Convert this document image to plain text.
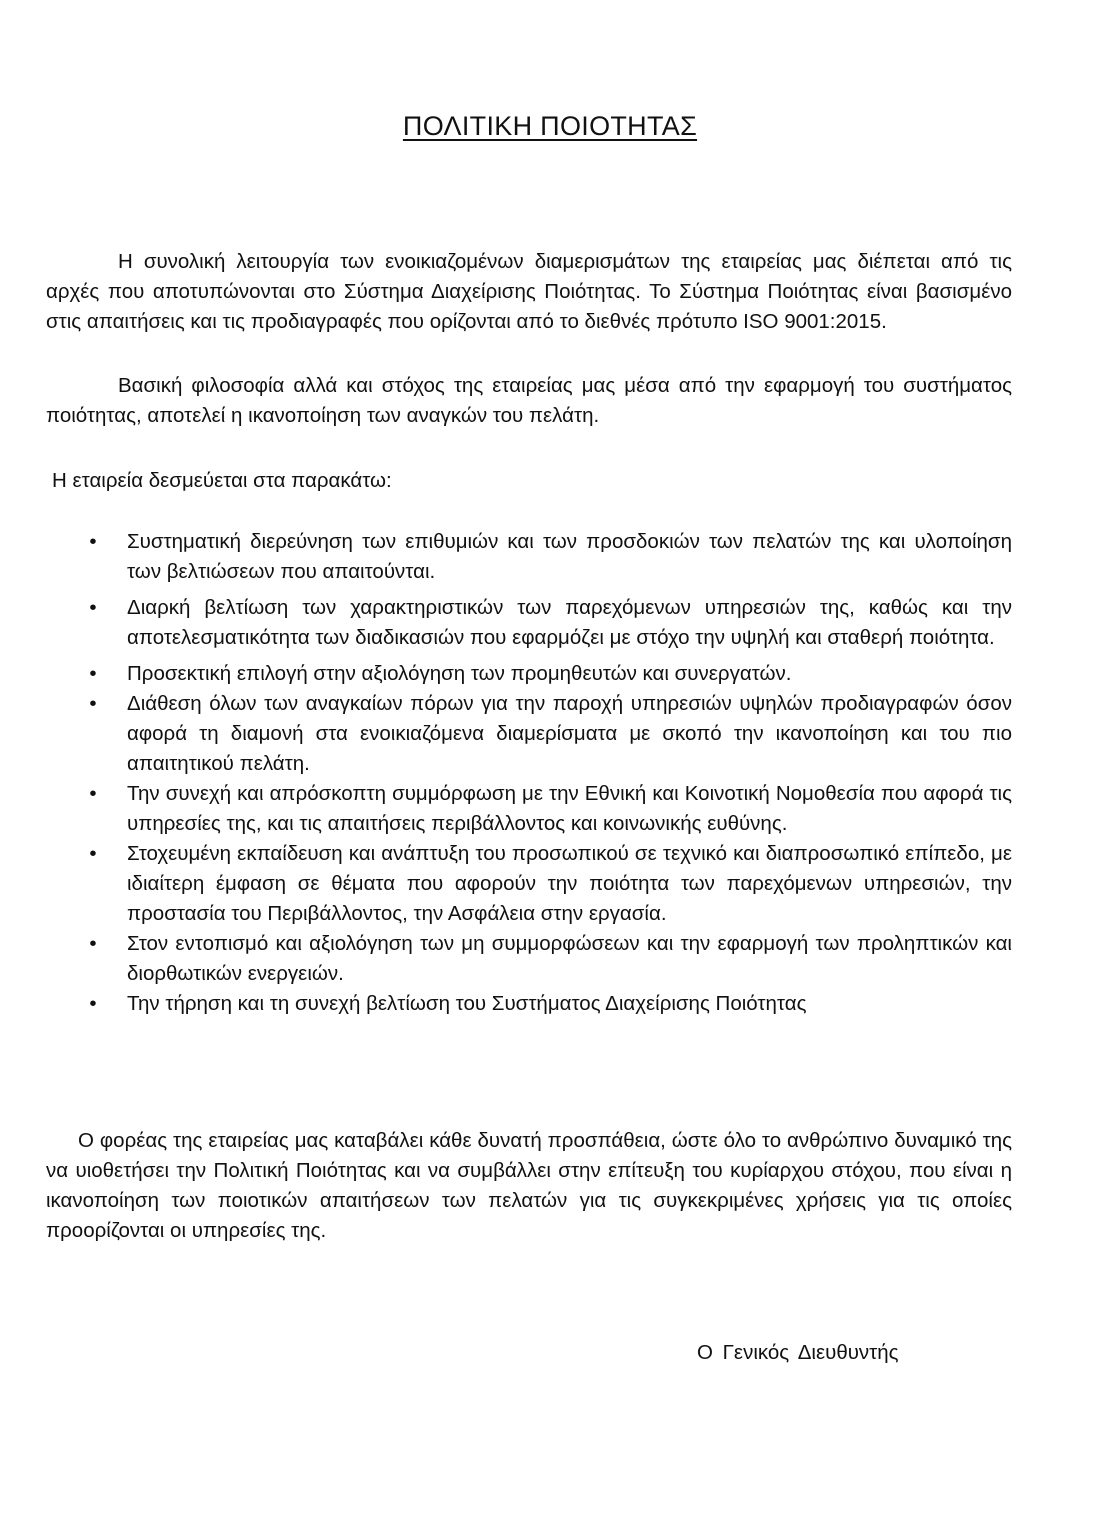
ΠΟΛΙΤΙΚΗ ΠΟΙΟΤΗΤΑΣ

Η συνολική λειτουργία των ενοικιαζομένων διαμερισμάτων της εταιρείας μας διέπεται από τις αρχές που αποτυπώνονται στο Σύστημα Διαχείρισης Ποιότητας. Το Σύστημα Ποιότητας είναι βασισμένο στις απαιτήσεις και τις προδιαγραφές που ορίζονται από το διεθνές πρότυπο ISO 9001:2015.

Βασική φιλοσοφία αλλά και στόχος της εταιρείας μας μέσα από την εφαρμογή του συστήματος ποιότητας, αποτελεί η ικανοποίηση των αναγκών του πελάτη.

Η εταιρεία δεσμεύεται στα παρακάτω:

• Συστηματική διερεύνηση των επιθυμιών και των προσδοκιών των πελατών της και υλοποίηση των βελτιώσεων που απαιτούνται.
• Διαρκή βελτίωση των χαρακτηριστικών των παρεχόμενων υπηρεσιών της, καθώς και την αποτελεσματικότητα των διαδικασιών που εφαρμόζει με στόχο την υψηλή και σταθερή ποιότητα.
• Προσεκτική επιλογή στην αξιολόγηση των προμηθευτών και συνεργατών.
• Διάθεση όλων των αναγκαίων πόρων για την παροχή υπηρεσιών υψηλών προδιαγραφών όσον αφορά τη διαμονή στα ενοικιαζόμενα διαμερίσματα με σκοπό την ικανοποίηση και του πιο απαιτητικού πελάτη.
• Την συνεχή και απρόσκοπτη συμμόρφωση με την Εθνική και Κοινοτική Νομοθεσία που αφορά τις υπηρεσίες της, και τις απαιτήσεις περιβάλλοντος και κοινωνικής ευθύνης.
• Στοχευμένη εκπαίδευση και ανάπτυξη του προσωπικού σε τεχνικό και διαπροσωπικό επίπεδο, με ιδιαίτερη έμφαση σε θέματα που αφορούν την ποιότητα των παρεχόμενων υπηρεσιών, την προστασία του Περιβάλλοντος, την Ασφάλεια στην εργασία.
• Στον εντοπισμό και αξιολόγηση των μη συμμορφώσεων και την εφαρμογή των προληπτικών και διορθωτικών ενεργειών.
• Την τήρηση και τη συνεχή βελτίωση του Συστήματος Διαχείρισης Ποιότητας

Ο φορέας της εταιρείας μας καταβάλει κάθε δυνατή προσπάθεια, ώστε όλο το ανθρώπινο δυναμικό της να υιοθετήσει την Πολιτική Ποιότητας και να συμβάλλει στην επίτευξη του κυρίαρχου στόχου, που είναι η ικανοποίηση των ποιοτικών απαιτήσεων των πελατών για τις συγκεκριμένες χρήσεις για τις οποίες προορίζονται οι υπηρεσίες της.

Ο Γενικός Διευθυντής
